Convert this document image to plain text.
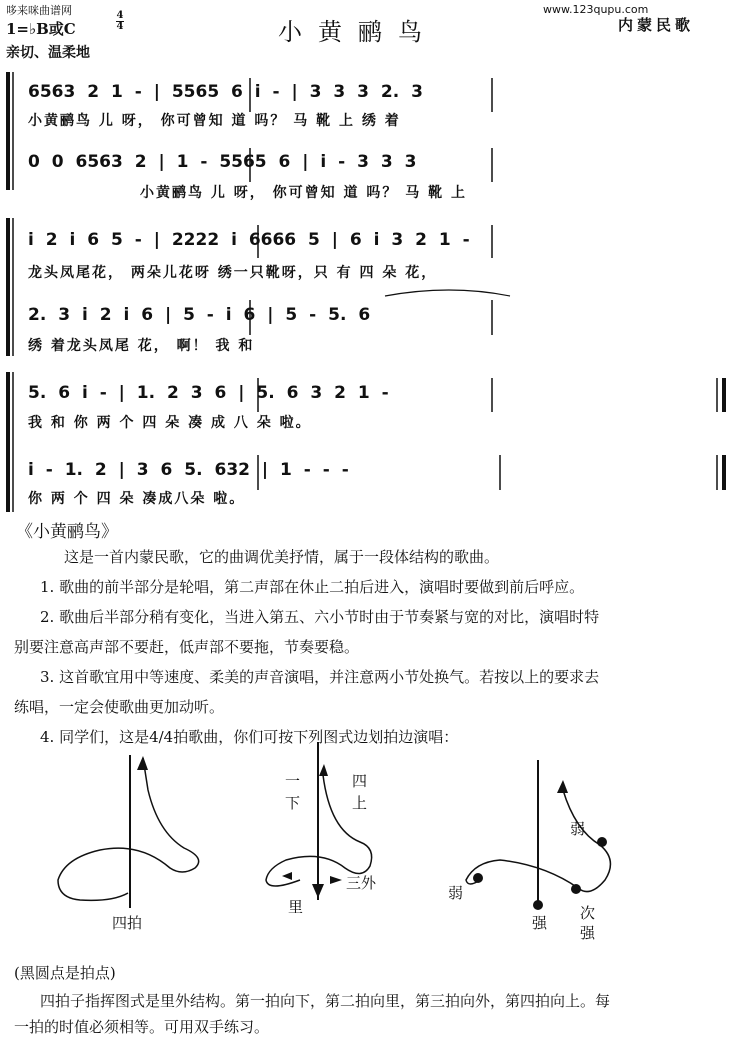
哆来咪曲谱网	www.123qupu.com
1=♭B或C
4
4	小黄鹂鸟	内蒙民歌
亲切、温柔地
6563 2 1 - | 5565 6 i - | 3 3 3 2. 3
小黄鹂鸟 儿 呀， 你可曾知 道 吗？ 马 靴 上 绣 着
0 0 6563 2 | 1 - 5565 6 | i - 3 3 3
小黄鹂鸟 儿 呀， 你可曾知 道 吗？ 马 靴 上
i 2 i 6 5 - | 2222 i 6666 5 | 6 i 3 2 1 -
龙头凤尾花， 两朵儿花呀 绣一只靴呀，只 有 四 朵 花，
2. 3 i 2 i 6 | 5 - i 6 | 5 - 5. 6
绣 着龙头凤尾 花， 啊！ 我 和
5. 6 i - | 1. 2 3 6 | 5. 6 3 2 1 -
我 和 你 两 个 四 朵 凑 成 八 朵 啦。
i - 1. 2 | 3 6 5. 632 | 1 - - -
你 两 个 四 朵 凑成八朵 啦。
《小黄鹂鸟》
这是一首内蒙民歌，它的曲调优美抒情，属于一段体结构的歌曲。
1. 歌曲的前半部分是轮唱，第二声部在休止二拍后进入，演唱时要做到前后呼应。
2. 歌曲后半部分稍有变化，当进入第五、六小节时由于节奏紧与宽的对比，演唱时特
别要注意高声部不要赶，低声部不要拖，节奏要稳。
3. 这首歌宜用中等速度、柔美的声音演唱，并注意两小节处换气。若按以上的要求去
练唱，一定会使歌曲更加动听。
4. 同学们，这是4/4拍歌曲，你们可按下列图式边划拍边演唱：
四拍
一
下
四
上
三外
里
弱
弱
强
次
强
(黑圆点是拍点)
四拍子指挥图式是里外结构。第一拍向下，第二拍向里，第三拍向外，第四拍向上。每
一拍的时值必须相等。可用双手练习。
